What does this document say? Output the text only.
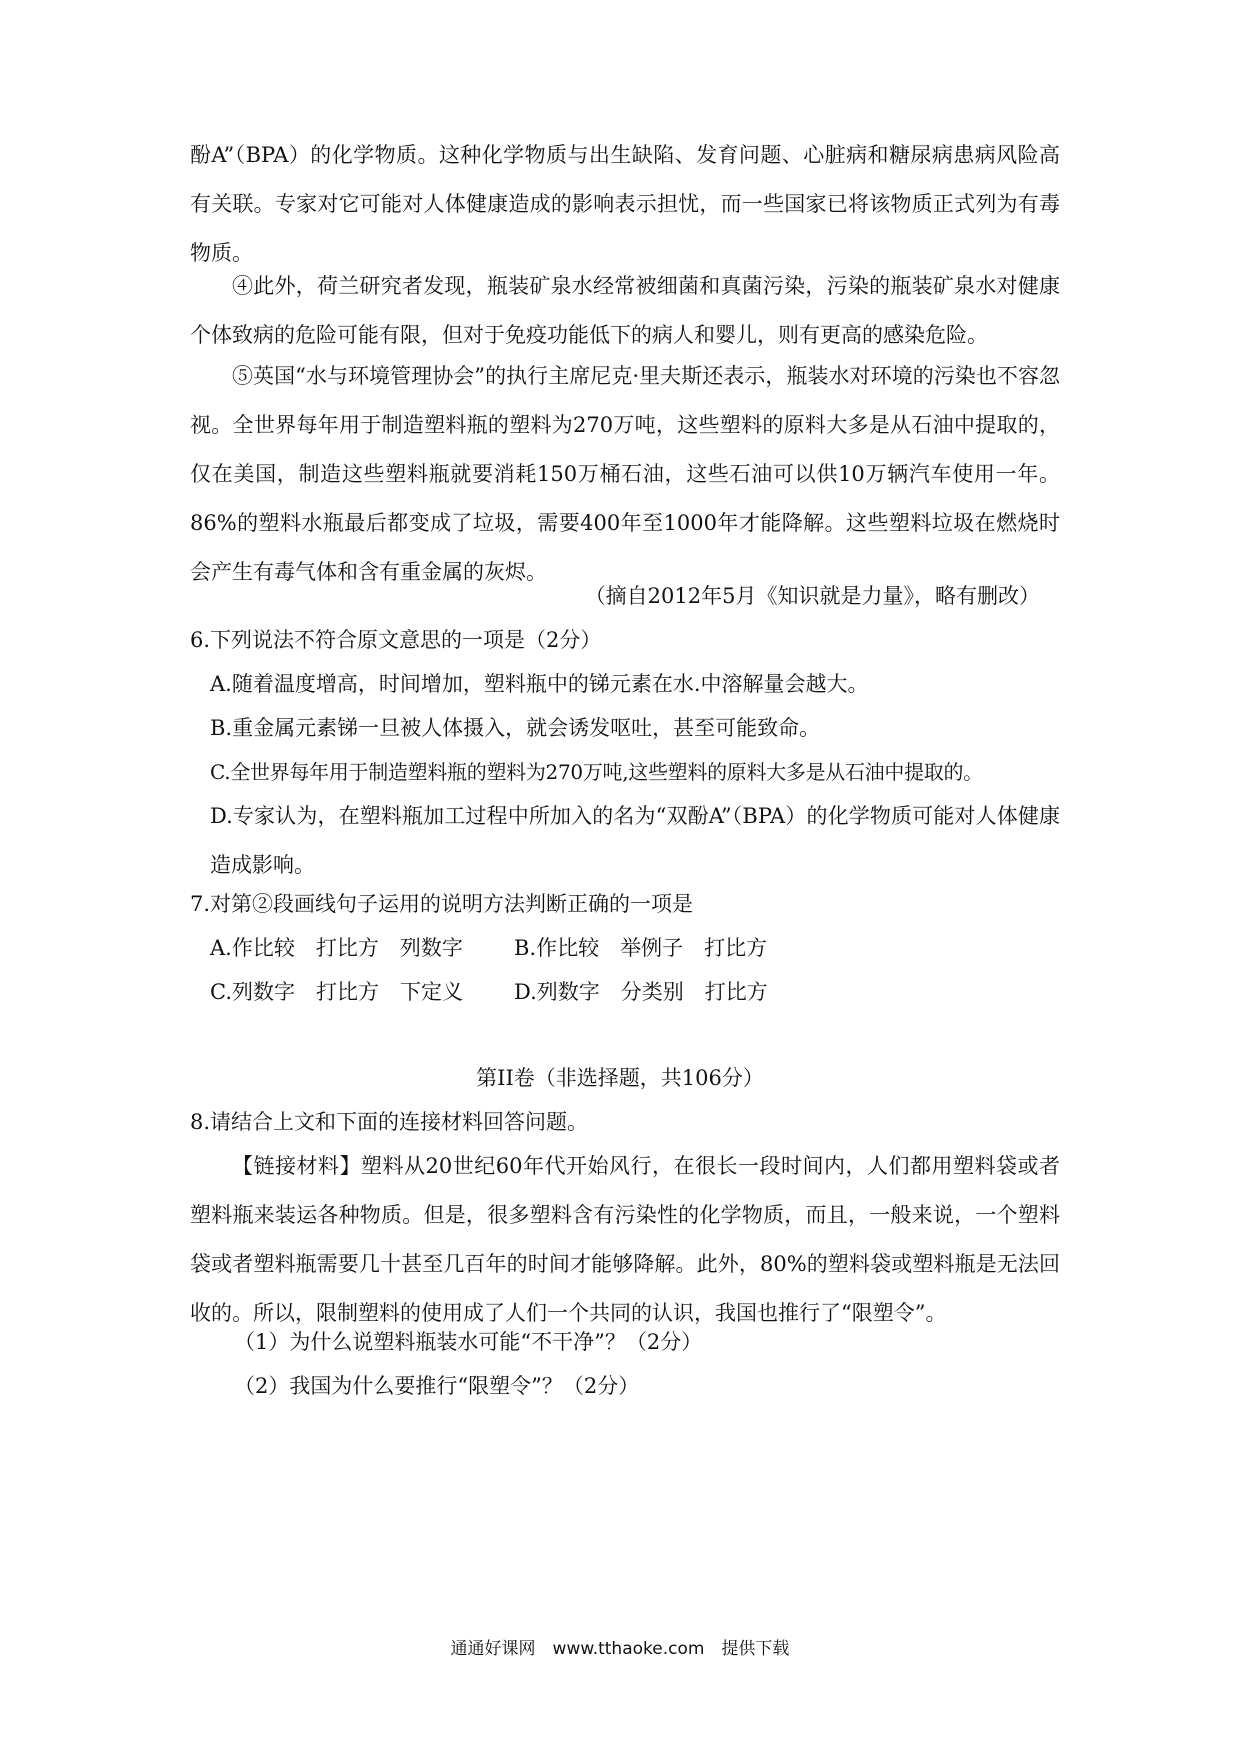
酚A”（BPA）的化学物质。这种化学物质与出生缺陷、发育问题、心脏病和糖尿病患病风险高有关联。专家对它可能对人体健康造成的影响表示担忧，而一些国家已将该物质正式列为有毒物质。

④此外，荷兰研究者发现，瓶装矿泉水经常被细菌和真菌污染，污染的瓶装矿泉水对健康个体致病的危险可能有限，但对于免疫功能低下的病人和婴儿，则有更高的感染危险。

⑤英国“水与环境管理协会”的执行主席尼克·里夫斯还表示，瓶装水对环境的污染也不容忽视。全世界每年用于制造塑料瓶的塑料为270万吨，这些塑料的原料大多是从石油中提取的，仅在美国，制造这些塑料瓶就要消耗150万桶石油，这些石油可以供10万辆汽车使用一年。86%的塑料水瓶最后都变成了垃圾，需要400年至1000年才能降解。这些塑料垃圾在燃烧时会产生有毒气体和含有重金属的灰烬。

（摘自2012年5月《知识就是力量》，略有删改）

6.下列说法不符合原文意思的一项是（2分）

A.随着温度增高，时间增加，塑料瓶中的锑元素在水.中溶解量会越大。

B.重金属元素锑一旦被人体摄入，就会诱发呕吐，甚至可能致命。

C.全世界每年用于制造塑料瓶的塑料为270万吨,这些塑料的原料大多是从石油中提取的。

D.专家认为，在塑料瓶加工过程中所加入的名为“双酚A”（BPA）的化学物质可能对人体健康造成影响。

7.对第②段画线句子运用的说明方法判断正确的一项是

A.作比较　打比方　列数字 B.作比较　举例子　打比方

C.列数字　打比方　下定义 D.列数字　分类别　打比方

第II卷（非选择题，共106分）

8.请结合上文和下面的连接材料回答问题。

【链接材料】塑料从20世纪60年代开始风行，在很长一段时间内，人们都用塑料袋或者塑料瓶来装运各种物质。但是，很多塑料含有污染性的化学物质，而且，一般来说，一个塑料袋或者塑料瓶需要几十甚至几百年的时间才能够降解。此外，80%的塑料袋或塑料瓶是无法回收的。所以，限制塑料的使用成了人们一个共同的认识，我国也推行了“限塑令”。

（1）为什么说塑料瓶装水可能“不干净”？（2分）

（2）我国为什么要推行“限塑令”？（2分）

通通好课网　www.tthaoke.com　提供下载
